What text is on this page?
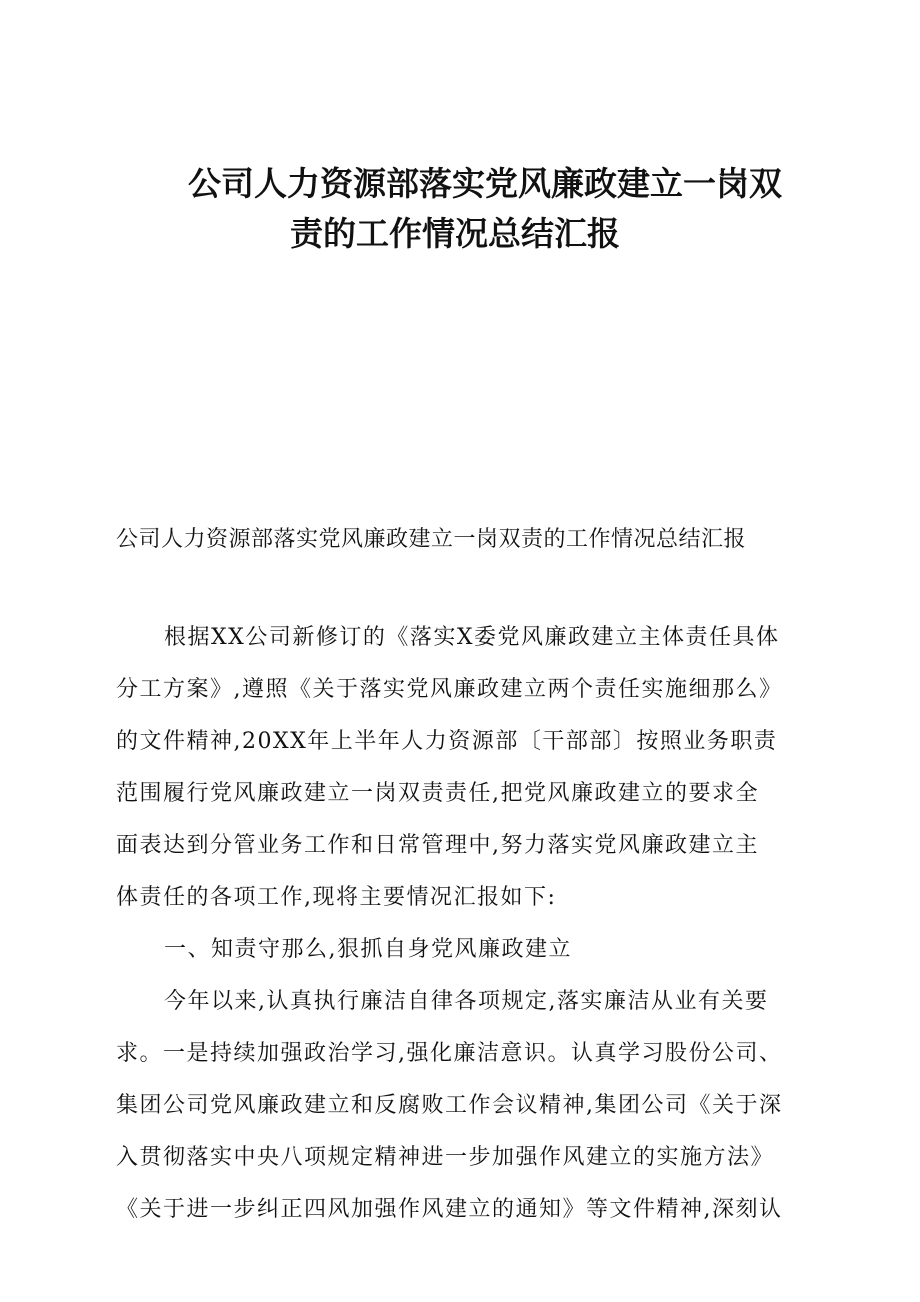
公司人力资源部落实党风廉政建立一岗双
责的工作情况总结汇报
公司人力资源部落实党风廉政建立一岗双责的工作情况总结汇报
根据XX公司新修订的《落实X委党风廉政建立主体责任具体
分工方案》,遵照《关于落实党风廉政建立两个责任实施细那么》
的文件精神,20XX年上半年人力资源部〔干部部〕按照业务职责
范围履行党风廉政建立一岗双责责任,把党风廉政建立的要求全
面表达到分管业务工作和日常管理中,努力落实党风廉政建立主
体责任的各项工作,现将主要情况汇报如下:
一、知责守那么,狠抓自身党风廉政建立
今年以来,认真执行廉洁自律各项规定,落实廉洁从业有关要
求。一是持续加强政治学习,强化廉洁意识。认真学习股份公司、
集团公司党风廉政建立和反腐败工作会议精神,集团公司《关于深
入贯彻落实中央八项规定精神进一步加强作风建立的实施方法》
《关于进一步纠正四风加强作风建立的通知》等文件精神,深刻认
